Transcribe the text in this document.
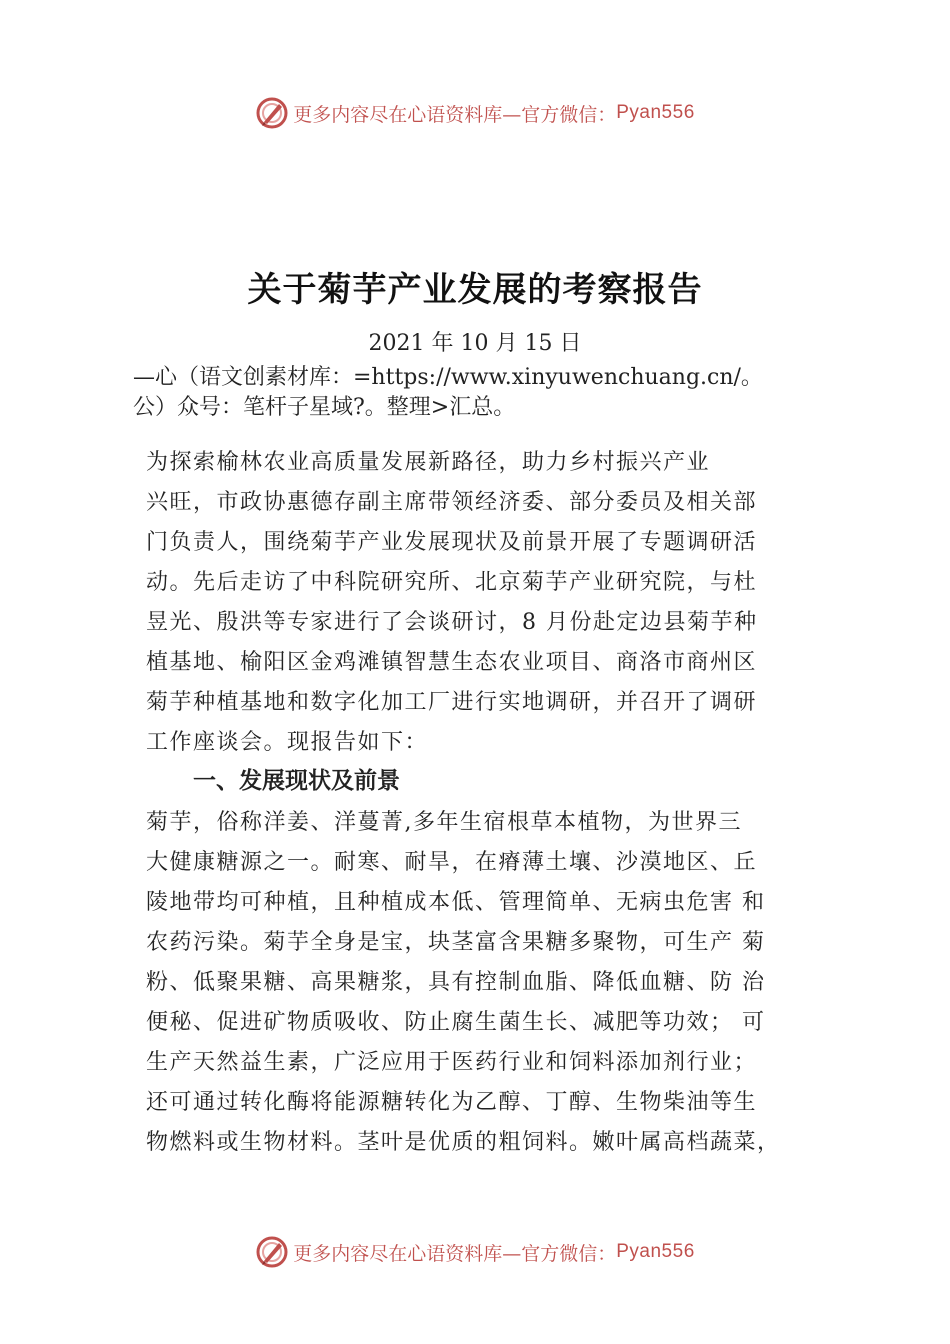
更多内容尽在心语资料库—官方微信： Pyan556
关于菊芋产业发展的考察报告
2021 年 10 月 15 日
—心（语文创素材库：=https://www.xinyuwenchuang.cn/。
公）众号：笔杆子星域?。整理>汇总。
为探索榆林农业高质量发展新路径，助力乡村振兴产业
兴旺，市政协惠德存副主席带领经济委、部分委员及相关部
门负责人，围绕菊芋产业发展现状及前景开展了专题调研活
动。先后走访了中科院研究所、北京菊芋产业研究院，与杜
昱光、殷洪等专家进行了会谈研讨，8 月份赴定边县菊芋种
植基地、榆阳区金鸡滩镇智慧生态农业项目、商洛市商州区
菊芋种植基地和数字化加工厂进行实地调研，并召开了调研
工作座谈会。现报告如下：
一、发展现状及前景
菊芋，俗称洋姜、洋蔓菁,多年生宿根草本植物，为世界三
大健康糖源之一。耐寒、耐旱，在瘠薄土壤、沙漠地区、丘
陵地带均可种植，且种植成本低、管理简单、无病虫危害 和
农药污染。菊芋全身是宝，块茎富含果糖多聚物，可生产 菊
粉、低聚果糖、高果糖浆，具有控制血脂、降低血糖、防 治
便秘、促进矿物质吸收、防止腐生菌生长、减肥等功效； 可
生产天然益生素，广泛应用于医药行业和饲料添加剂行业；
还可通过转化酶将能源糖转化为乙醇、丁醇、生物柴油等生
物燃料或生物材料。茎叶是优质的粗饲料。嫩叶属高档蔬菜，
更多内容尽在心语资料库—官方微信： Pyan556
